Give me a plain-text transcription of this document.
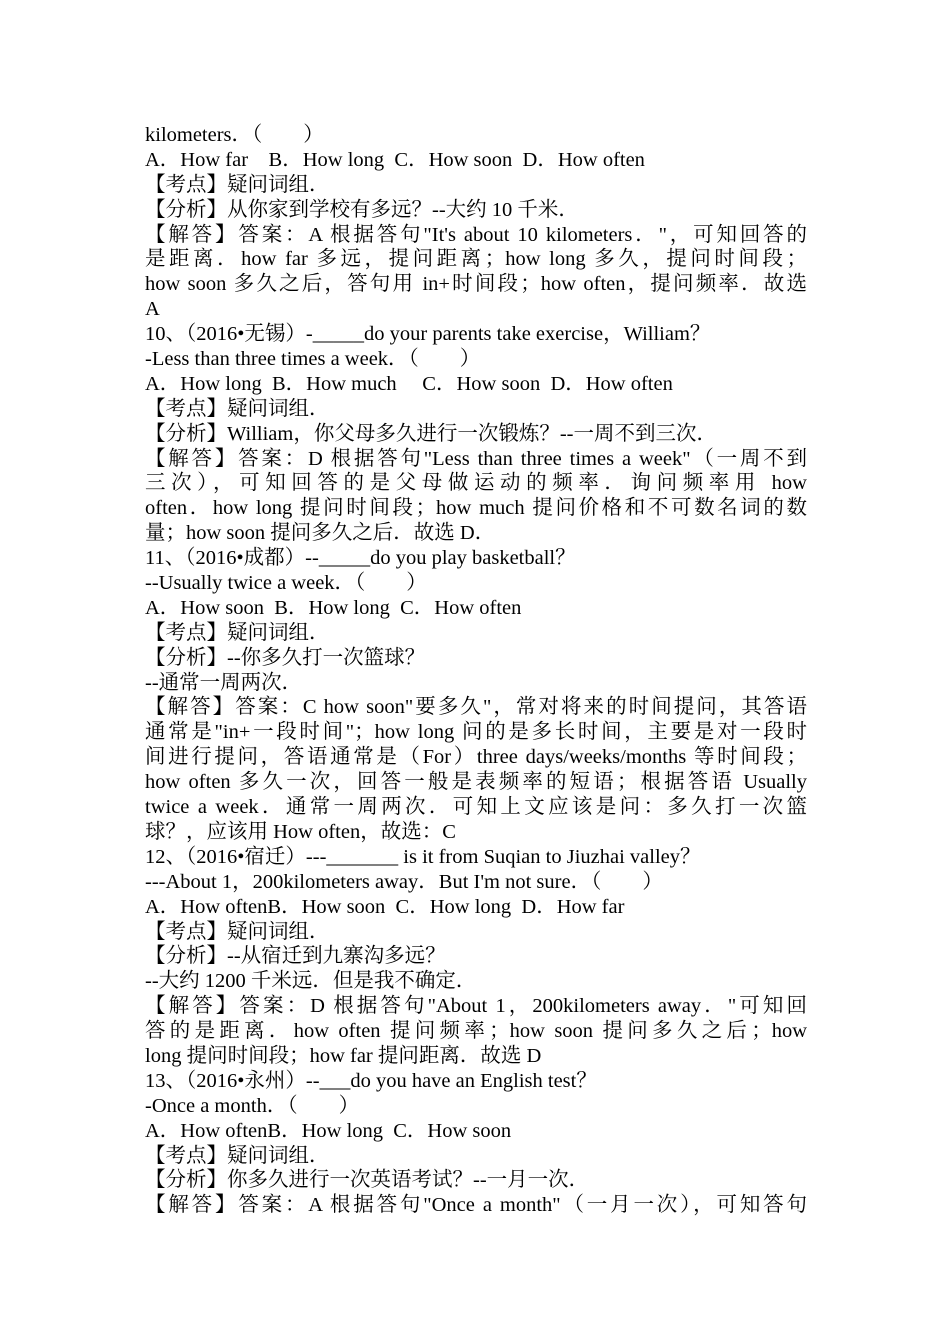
kilometers．（　　）
A．How far　B．How long  C．How soon  D．How often
【考点】疑问词组．
【分析】从你家到学校有多远？--大约 10 千米．
【解答】答案：A 根据答句"It's about 10 kilometers．"，可知回答的
是距离．how far 多远，提问距离；how long 多久，提问时间段；
how soon 多久之后，答句用 in+时间段；how often，提问频率．故选
A
10、（2016•无锡）-_____do your parents take exercise，William？
-Less than three times a week．（　　）
A．How long  B．How much　 C．How soon  D．How often
【考点】疑问词组．
【分析】William，你父母多久进行一次锻炼？--一周不到三次．
【解答】答案：D 根据答句"Less than three times a week"（一周不到
三次），可知回答的是父母做运动的频率．询问频率用 how
often．how long 提问时间段；how much 提问价格和不可数名词的数
量；how soon 提问多久之后．故选 D．
11、（2016•成都）--_____do you play basketball？
--Usually twice a week．（　　）
A．How soon  B．How long  C．How often
【考点】疑问词组．
【分析】--你多久打一次篮球？
--通常一周两次．
【解答】答案：C how soon"要多久"，常对将来的时间提问，其答语
通常是"in+一段时间"；how long 问的是多长时间，主要是对一段时
间进行提问，答语通常是（For）three days/weeks/months 等时间段；
how often 多久一次，回答一般是表频率的短语；根据答语 Usually
twice a week．通常一周两次．可知上文应该是问：多久打一次篮
球？，应该用 How often，故选：C
12、（2016•宿迁）---_______ is it from Suqian to Jiuzhai valley？
---About 1，200kilometers away．But I'm not sure．（　　）
A．How oftenB．How soon  C．How long  D．How far
【考点】疑问词组．
【分析】--从宿迁到九寨沟多远？
--大约 1200 千米远．但是我不确定．
【解答】答案：D 根据答句"About 1，200kilometers away．"可知回
答的是距离．how often 提问频率；how soon 提问多久之后；how
long 提问时间段；how far 提问距离．故选 D
13、（2016•永州）--___do you have an English test？
-Once a month．（　　）
A．How oftenB．How long  C．How soon
【考点】疑问词组．
【分析】你多久进行一次英语考试？--一月一次．
【解答】答案：A 根据答句"Once a month"（一月一次），可知答句
